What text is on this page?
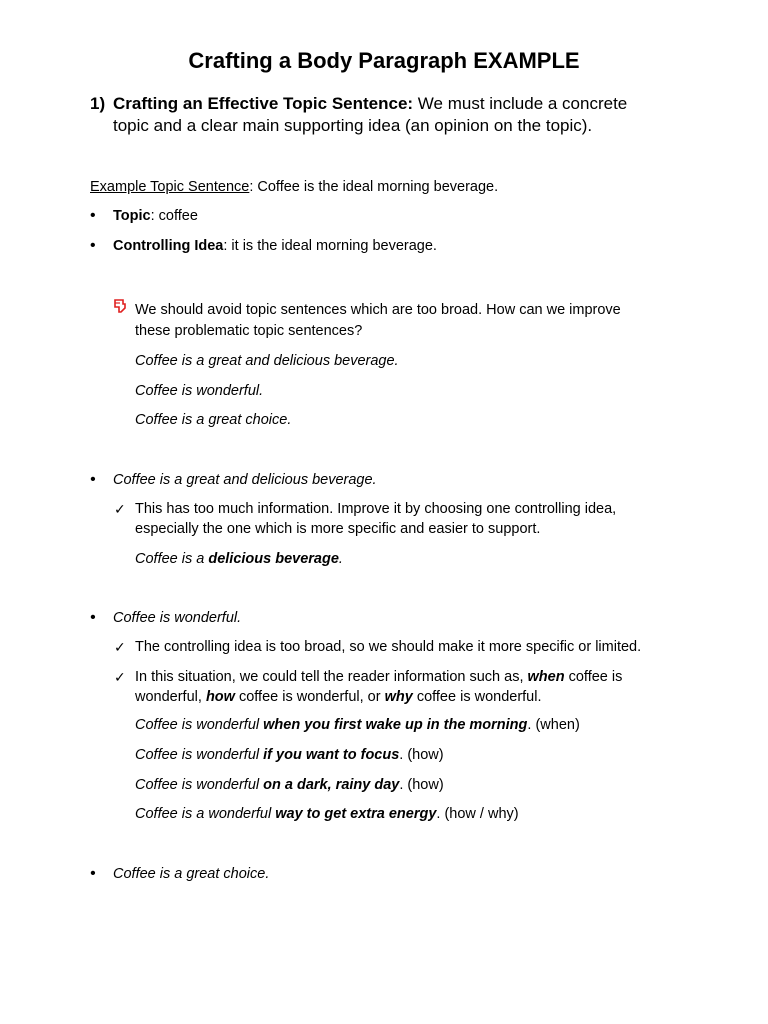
Crafting a Body Paragraph EXAMPLE
1) Crafting an Effective Topic Sentence: We must include a concrete
topic and a clear main supporting idea (an opinion on the topic).
Example Topic Sentence: Coffee is the ideal morning beverage.
• Topic: coffee
• Controlling Idea: it is the ideal morning beverage.
We should avoid topic sentences which are too broad. How can we improve
these problematic topic sentences?
Coffee is a great and delicious beverage.
Coffee is wonderful.
Coffee is a great choice.
• Coffee is a great and delicious beverage.
✓ This has too much information. Improve it by choosing one controlling idea,
especially the one which is more specific and easier to support.
Coffee is a delicious beverage.
• Coffee is wonderful.
✓ The controlling idea is too broad, so we should make it more specific or limited.
✓ In this situation, we could tell the reader information such as, when coffee is
wonderful, how coffee is wonderful, or why coffee is wonderful.
Coffee is wonderful when you first wake up in the morning. (when)
Coffee is wonderful if you want to focus. (how)
Coffee is wonderful on a dark, rainy day. (how)
Coffee is a wonderful way to get extra energy. (how / why)
• Coffee is a great choice.
